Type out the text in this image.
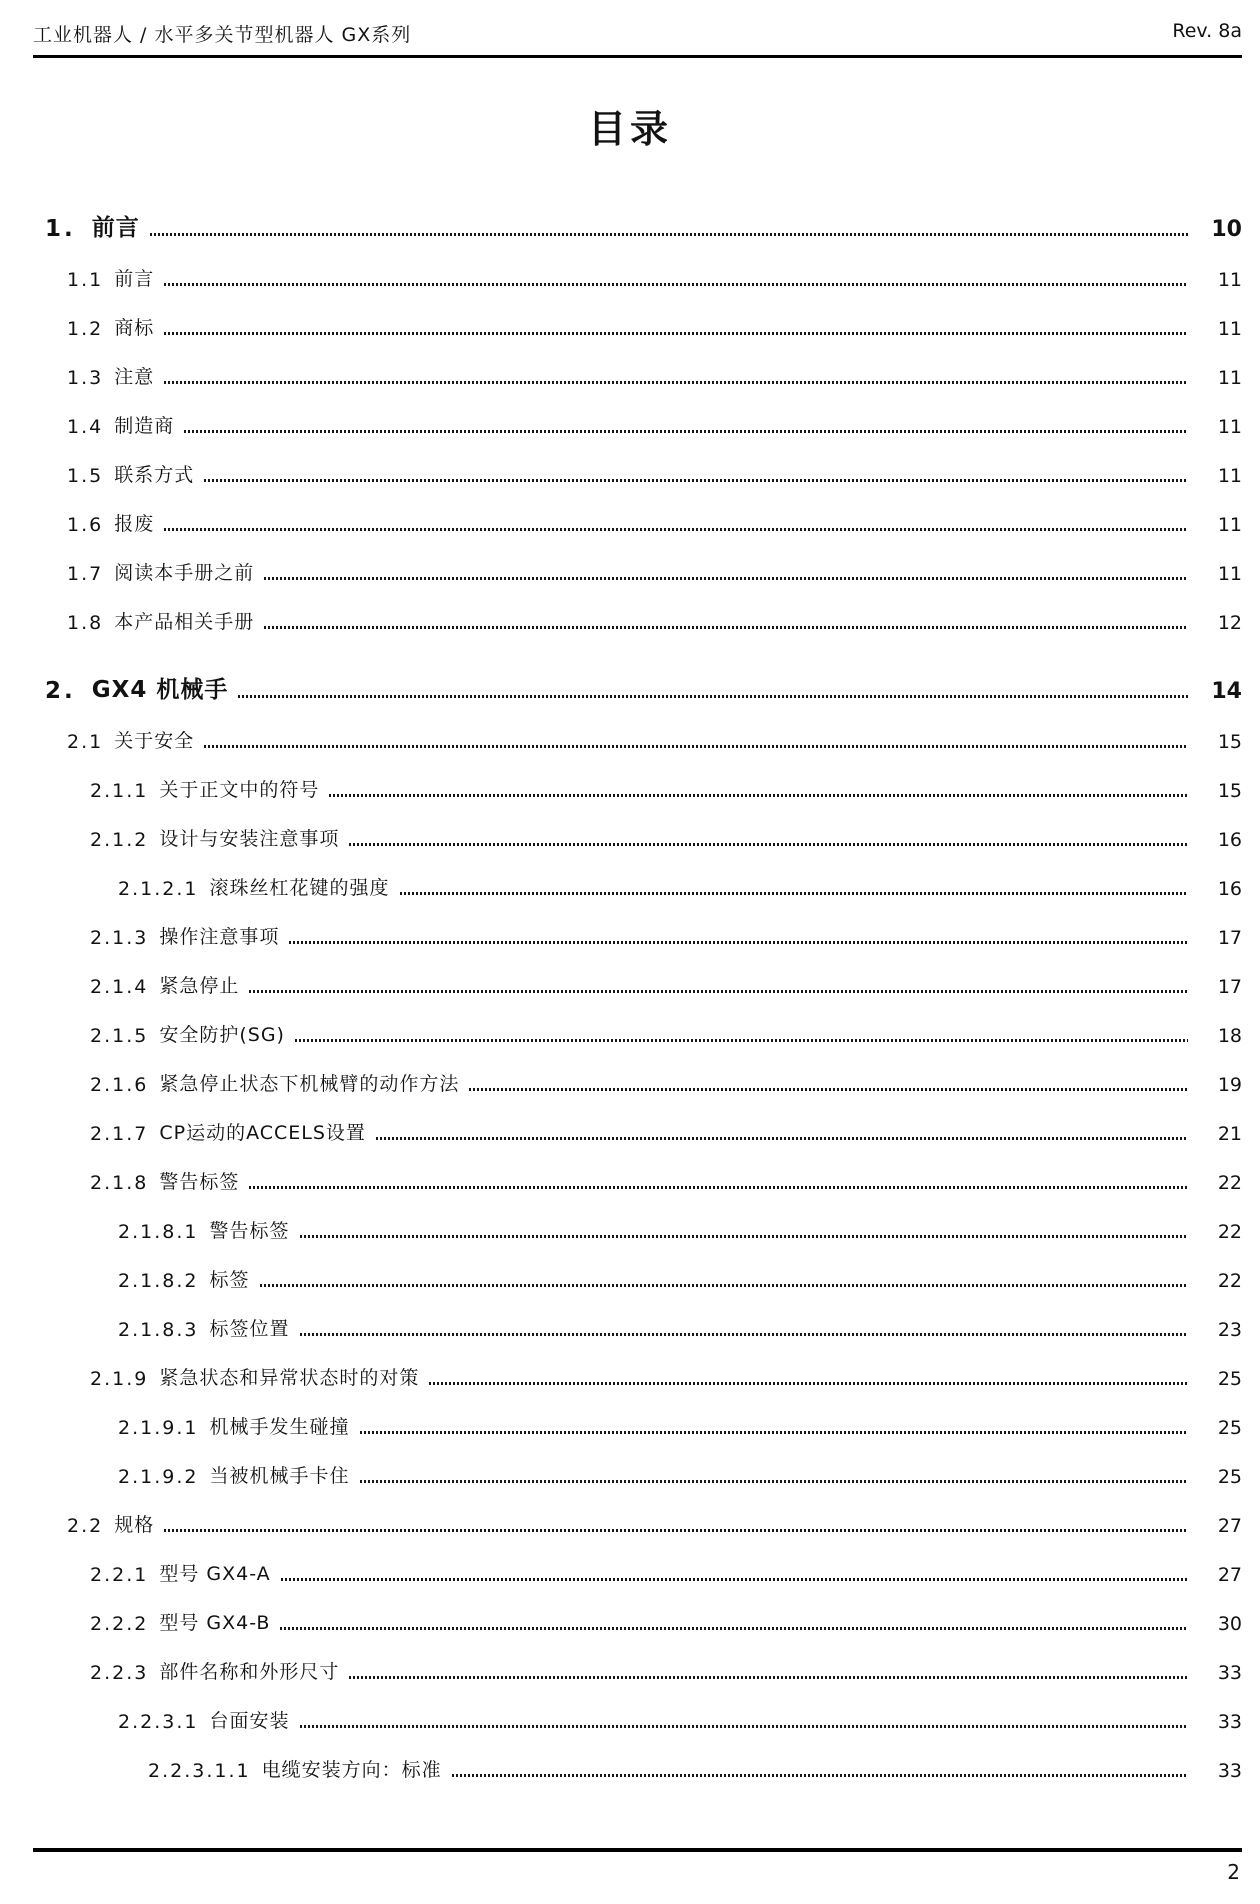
工业机器人 / 水平多关节型机器人 GX系列	Rev. 8a
目录
1. 前言	10
1.1 前言	11
1.2 商标	11
1.3 注意	11
1.4 制造商	11
1.5 联系方式	11
1.6 报废	11
1.7 阅读本手册之前	11
1.8 本产品相关手册	12
2. GX4 机械手	14
2.1 关于安全	15
2.1.1 关于正文中的符号	15
2.1.2 设计与安装注意事项	16
2.1.2.1 滚珠丝杠花键的强度	16
2.1.3 操作注意事项	17
2.1.4 紧急停止	17
2.1.5 安全防护(SG)	18
2.1.6 紧急停止状态下机械臂的动作方法	19
2.1.7 CP运动的ACCELS设置	21
2.1.8 警告标签	22
2.1.8.1 警告标签	22
2.1.8.2 标签	22
2.1.8.3 标签位置	23
2.1.9 紧急状态和异常状态时的对策	25
2.1.9.1 机械手发生碰撞	25
2.1.9.2 当被机械手卡住	25
2.2 规格	27
2.2.1 型号 GX4-A	27
2.2.2 型号 GX4-B	30
2.2.3 部件名称和外形尺寸	33
2.2.3.1 台面安装	33
2.2.3.1.1 电缆安装方向：标准	33
2
